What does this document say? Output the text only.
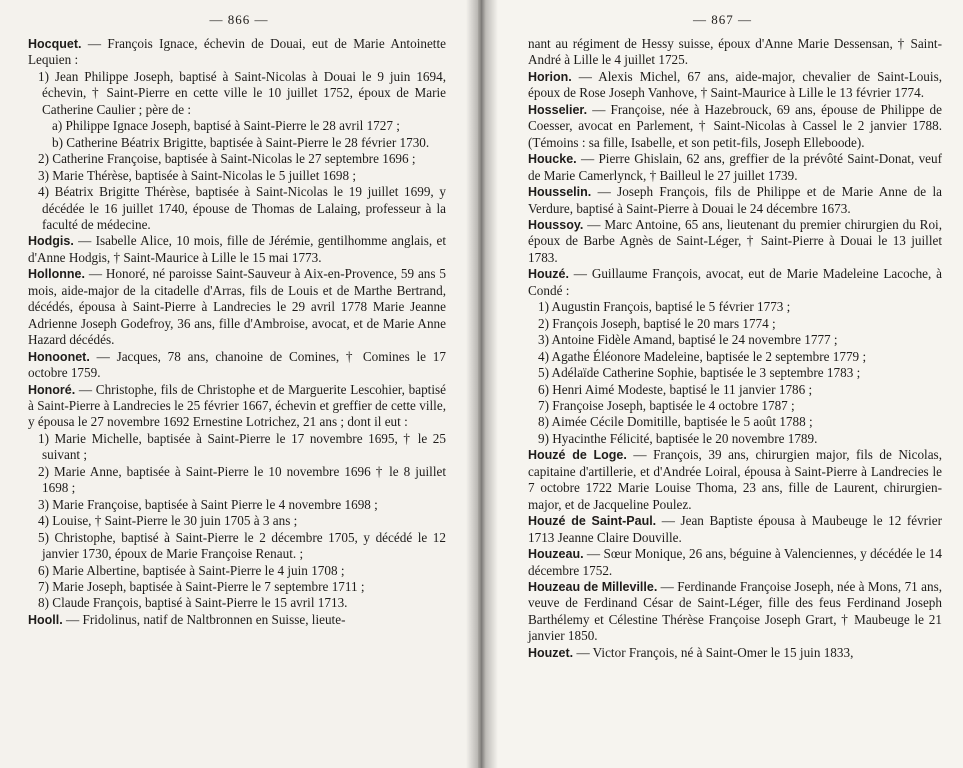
— 866 —

Hocquet. — François Ignace, échevin de Douai, eut de Marie Antoinette Lequien :

1) Jean Philippe Joseph, baptisé à Saint-Nicolas à Douai le 9 juin 1694, échevin, † Saint-Pierre en cette ville le 10 juillet 1752, époux de Marie Catherine Caulier ; père de :

a) Philippe Ignace Joseph, baptisé à Saint-Pierre le 28 avril 1727 ;

b) Catherine Béatrix Brigitte, baptisée à Saint-Pierre le 28 février 1730.

2) Catherine Françoise, baptisée à Saint-Nicolas le 27 septembre 1696 ;

3) Marie Thérèse, baptisée à Saint-Nicolas le 5 juillet 1698 ;

4) Béatrix Brigitte Thérèse, baptisée à Saint-Nicolas le 19 juillet 1699, y décédée le 16 juillet 1740, épouse de Thomas de Lalaing, professeur à la faculté de médecine.

Hodgis. — Isabelle Alice, 10 mois, fille de Jérémie, gentilhomme anglais, et d'Anne Hodgis, † Saint-Maurice à Lille le 15 mai 1773.

Hollonne. — Honoré, né paroisse Saint-Sauveur à Aix-en-Provence, 59 ans 5 mois, aide-major de la citadelle d'Arras, fils de Louis et de Marthe Bertrand, décédés, épousa à Saint-Pierre à Landrecies le 29 avril 1778 Marie Jeanne Adrienne Joseph Godefroy, 36 ans, fille d'Ambroise, avocat, et de Marie Anne Hazard décédés.

Honoonet. — Jacques, 78 ans, chanoine de Comines, † Comines le 17 octobre 1759.

Honoré. — Christophe, fils de Christophe et de Marguerite Lescohier, baptisé à Saint-Pierre à Landrecies le 25 février 1667, échevin et greffier de cette ville, y épousa le 27 novembre 1692 Ernestine Lotrichez, 21 ans ; dont il eut :

1) Marie Michelle, baptisée à Saint-Pierre le 17 novembre 1695, † le 25 suivant ;

2) Marie Anne, baptisée à Saint-Pierre le 10 novembre 1696 † le 8 juillet 1698 ;

3) Marie Françoise, baptisée à Saint Pierre le 4 novembre 1698 ;

4) Louise, † Saint-Pierre le 30 juin 1705 à 3 ans ;

5) Christophe, baptisé à Saint-Pierre le 2 décembre 1705, y décédé le 12 janvier 1730, époux de Marie Françoise Renaut. ;

6) Marie Albertine, baptisée à Saint-Pierre le 4 juin 1708 ;

7) Marie Joseph, baptisée à Saint-Pierre le 7 septembre 1711 ;

8) Claude François, baptisé à Saint-Pierre le 15 avril 1713.

Hooll. — Fridolinus, natif de Naltbronnen en Suisse, lieute-

— 867 —

nant au régiment de Hessy suisse, époux d'Anne Marie Dessensan, † Saint-André à Lille le 4 juillet 1725.

Horion. — Alexis Michel, 67 ans, aide-major, chevalier de Saint-Louis, époux de Rose Joseph Vanhove, † Saint-Maurice à Lille le 13 février 1774.

Hosselier. — Françoise, née à Hazebrouck, 69 ans, épouse de Philippe de Coesser, avocat en Parlement, † Saint-Nicolas à Cassel le 2 janvier 1788. (Témoins : sa fille, Isabelle, et son petit-fils, Joseph Elleboode).

Houcke. — Pierre Ghislain, 62 ans, greffier de la prévôté Saint-Donat, veuf de Marie Camerlynck, † Bailleul le 27 juillet 1739.

Housselin. — Joseph François, fils de Philippe et de Marie Anne de la Verdure, baptisé à Saint-Pierre à Douai le 24 décembre 1673.

Houssoy. — Marc Antoine, 65 ans, lieutenant du premier chirurgien du Roi, époux de Barbe Agnès de Saint-Léger, † Saint-Pierre à Douai le 13 juillet 1783.

Houzé. — Guillaume François, avocat, eut de Marie Madeleine Lacoche, à Condé :

1) Augustin François, baptisé le 5 février 1773 ;

2) François Joseph, baptisé le 20 mars 1774 ;

3) Antoine Fidèle Amand, baptisé le 24 novembre 1777 ;

4) Agathe Éléonore Madeleine, baptisée le 2 septembre 1779 ;

5) Adélaïde Catherine Sophie, baptisée le 3 septembre 1783 ;

6) Henri Aimé Modeste, baptisé le 11 janvier 1786 ;

7) Françoise Joseph, baptisée le 4 octobre 1787 ;

8) Aimée Cécile Domitille, baptisée le 5 août 1788 ;

9) Hyacinthe Félicité, baptisée le 20 novembre 1789.

Houzé de Loge. — François, 39 ans, chirurgien major, fils de Nicolas, capitaine d'artillerie, et d'Andrée Loiral, épousa à Saint-Pierre à Landrecies le 7 octobre 1722 Marie Louise Thoma, 23 ans, fille de Laurent, chirurgien-major, et de Jacqueline Poulez.

Houzé de Saint-Paul. — Jean Baptiste épousa à Maubeuge le 12 février 1713 Jeanne Claire Douville.

Houzeau. — Sœur Monique, 26 ans, béguine à Valenciennes, y décédée le 14 décembre 1752.

Houzeau de Milleville. — Ferdinande Françoise Joseph, née à Mons, 71 ans, veuve de Ferdinand César de Saint-Léger, fille des feus Ferdinand Joseph Barthélemy et Célestine Thérèse Françoise Joseph Grart, † Maubeuge le 21 janvier 1850.

Houzet. — Victor François, né à Saint-Omer le 15 juin 1833,
